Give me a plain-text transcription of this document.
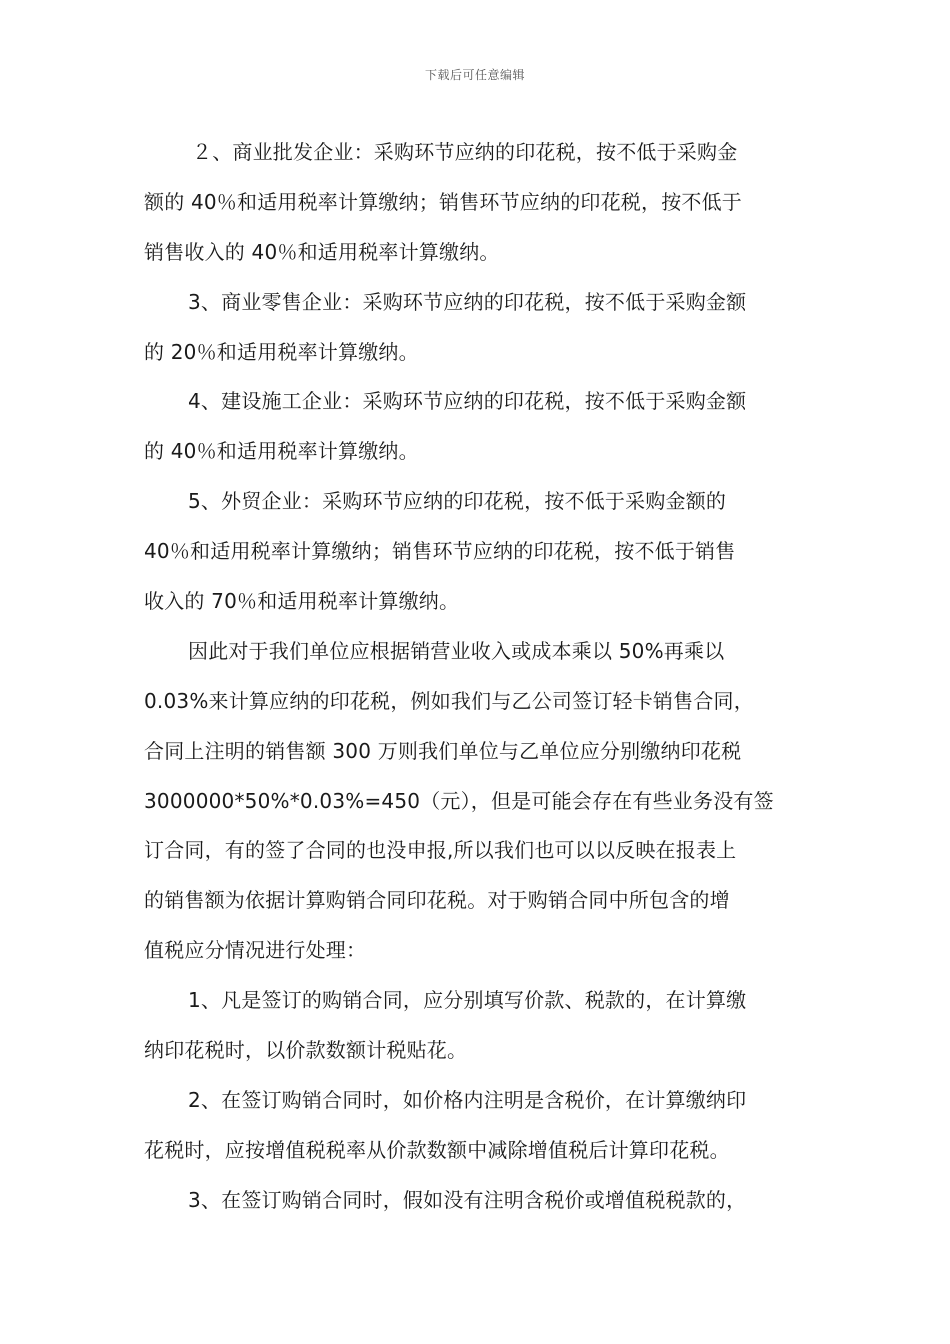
下载后可任意编辑
２、商业批发企业：采购环节应纳的印花税，按不低于采购金
额的 40％和适用税率计算缴纳；销售环节应纳的印花税，按不低于
销售收入的 40％和适用税率计算缴纳。
3、商业零售企业：采购环节应纳的印花税，按不低于采购金额
的 20％和适用税率计算缴纳。
4、建设施工企业：采购环节应纳的印花税，按不低于采购金额
的 40％和适用税率计算缴纳。
5、外贸企业：采购环节应纳的印花税，按不低于采购金额的
40％和适用税率计算缴纳；销售环节应纳的印花税，按不低于销售
收入的 70％和适用税率计算缴纳。
因此对于我们单位应根据销营业收入或成本乘以 50%再乘以
0.03%来计算应纳的印花税，例如我们与乙公司签订轻卡销售合同，
合同上注明的销售额 300 万则我们单位与乙单位应分别缴纳印花税
3000000*50%*0.03%=450（元），但是可能会存在有些业务没有签
订合同，有的签了合同的也没申报,所以我们也可以以反映在报表上
的销售额为依据计算购销合同印花税。对于购销合同中所包含的增
值税应分情况进行处理：
1、凡是签订的购销合同，应分别填写价款、税款的，在计算缴
纳印花税时，以价款数额计税贴花。
2、在签订购销合同时，如价格内注明是含税价，在计算缴纳印
花税时，应按增值税税率从价款数额中减除增值税后计算印花税。
3、在签订购销合同时，假如没有注明含税价或增值税税款的，
